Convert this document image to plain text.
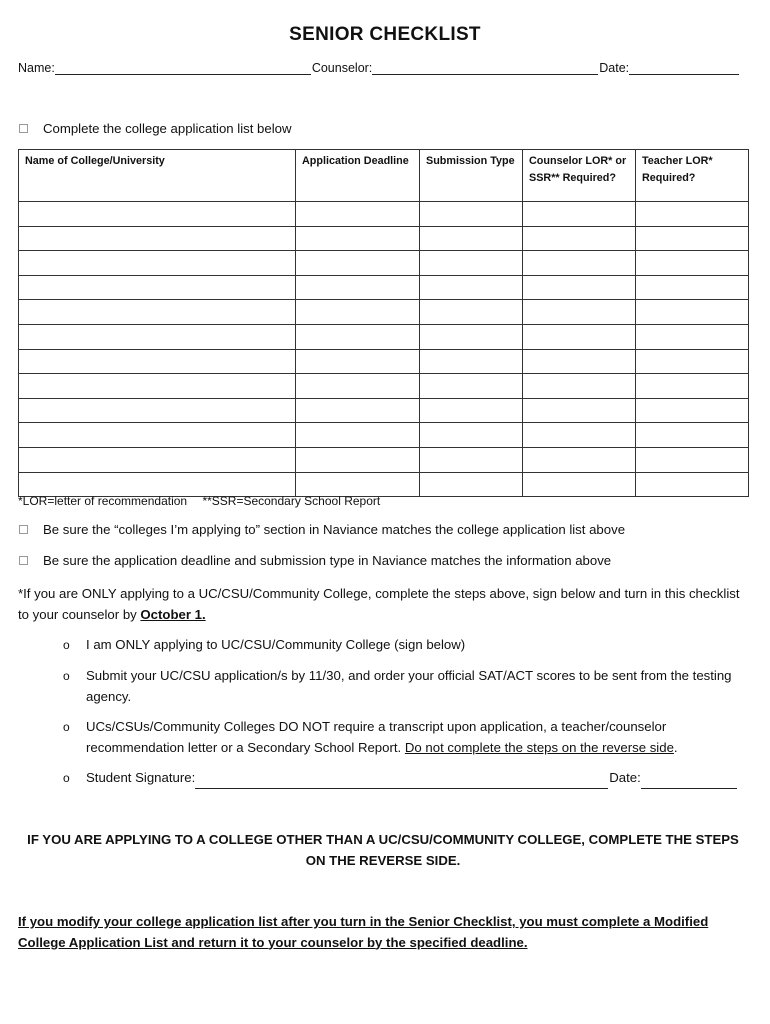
SENIOR CHECKLIST
Name:	Counselor:	Date:
Complete the college application list below
Name of College/University	Application Deadline	Submission Type	Counselor LOR* or SSR** Required?	Teacher LOR* Required?

*LOR=letter of recommendation **SSR=Secondary School Report
Be sure the “colleges I’m applying to” section in Naviance matches the college application list above
Be sure the application deadline and submission type in Naviance matches the information above
*If you are ONLY applying to a UC/CSU/Community College, complete the steps above, sign below and turn in this checklist to your counselor by October 1.
o	I am ONLY applying to UC/CSU/Community College (sign below)
o	Submit your UC/CSU application/s by 11/30, and order your official SAT/ACT scores to be sent from the testing agency.
o	UCs/CSUs/Community Colleges DO NOT require a transcript upon application, a teacher/counselor recommendation letter or a Secondary School Report. Do not complete the steps on the reverse side.
o	Student Signature:	Date:
IF YOU ARE APPLYING TO A COLLEGE OTHER THAN A UC/CSU/COMMUNITY COLLEGE, COMPLETE THE STEPS ON THE REVERSE SIDE.
If you modify your college application list after you turn in the Senior Checklist, you must complete a Modified College Application List and return it to your counselor by the specified deadline.
